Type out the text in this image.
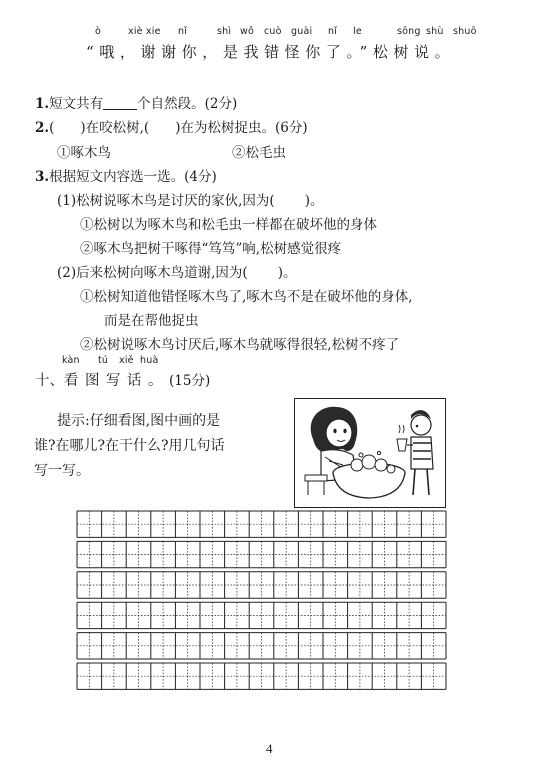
ò	xiè xie nǐ	shì wǒ cuò guài nǐ le	sōng shù shuō
“哦，谢谢你，是我错怪你了。”松树说。
1.短文共有	个自然段。(2分)
2.( )在咬松树,( )在为松树捉虫。(6分)
①啄木鸟	②松毛虫
3.根据短文内容选一选。(4分)
(1)松树说啄木鸟是讨厌的家伙,因为( )。
①松树以为啄木鸟和松毛虫一样都在破坏他的身体
②啄木鸟把树干啄得“笃笃”响,松树感觉很疼
(2)后来松树向啄木鸟道谢,因为( )。
①松树知道他错怪啄木鸟了,啄木鸟不是在破坏他的身体,
而是在帮他捉虫
②松树说啄木鸟讨厌后,啄木鸟就啄得很轻,松树不疼了
kàn tú xiě huà
十、看图写话。(15分)
提示:仔细看图,图中画的是
谁?在哪儿?在干什么?用几句话
写一写。
4
